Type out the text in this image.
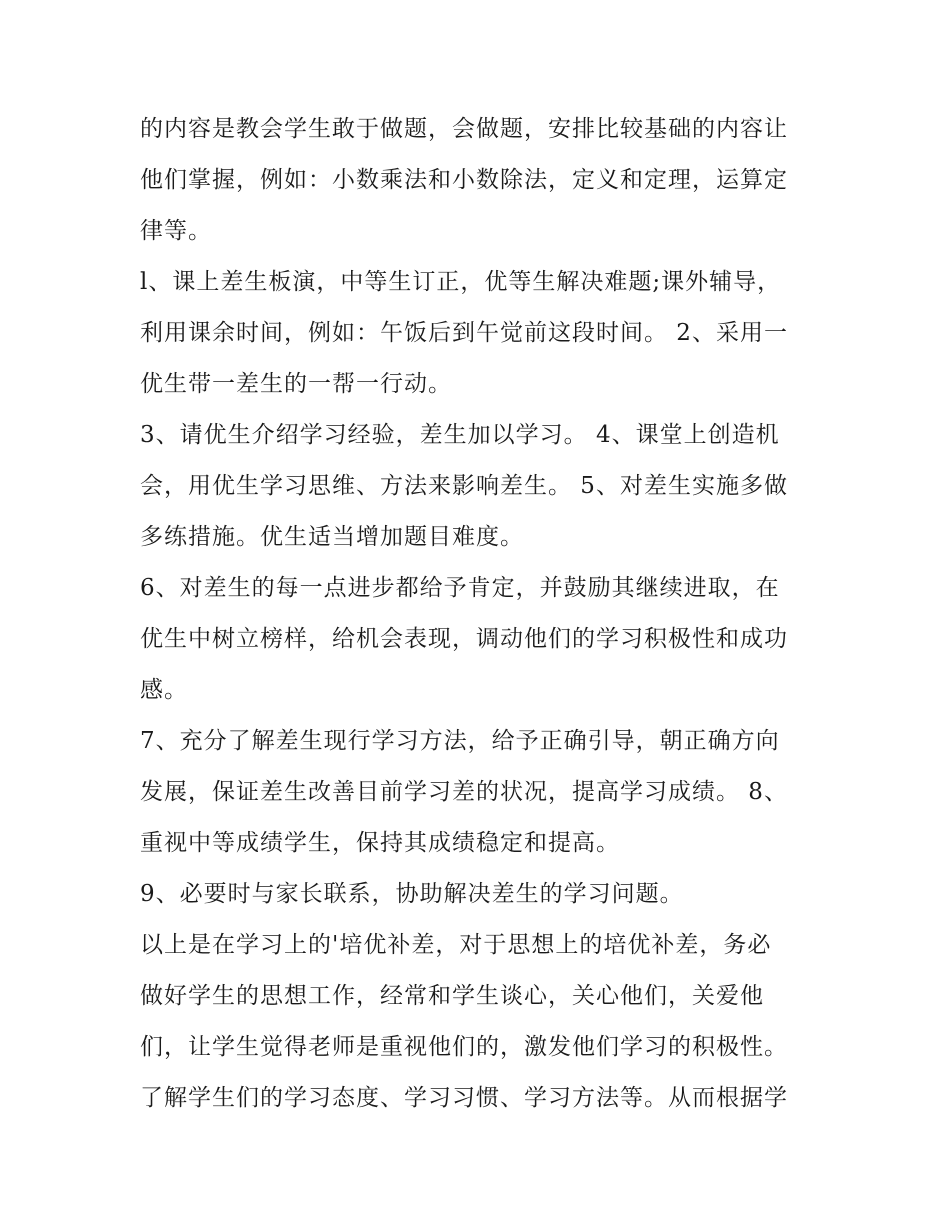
的内容是教会学生敢于做题，会做题，安排比较基础的内容让
他们掌握，例如：小数乘法和小数除法，定义和定理，运算定
律等。
l、课上差生板演，中等生订正，优等生解决难题;课外辅导，
利用课余时间，例如：午饭后到午觉前这段时间。 2、采用一
优生带一差生的一帮一行动。
3、请优生介绍学习经验，差生加以学习。 4、课堂上创造机
会，用优生学习思维、方法来影响差生。 5、对差生实施多做
多练措施。优生适当增加题目难度。
6、对差生的每一点进步都给予肯定，并鼓励其继续进取，在
优生中树立榜样，给机会表现，调动他们的学习积极性和成功
感。
7、充分了解差生现行学习方法，给予正确引导，朝正确方向
发展，保证差生改善目前学习差的状况，提高学习成绩。 8、
重视中等成绩学生，保持其成绩稳定和提高。
9、必要时与家长联系，协助解决差生的学习问题。
以上是在学习上的'培优补差，对于思想上的培优补差，务必
做好学生的思想工作，经常和学生谈心，关心他们，关爱他
们，让学生觉得老师是重视他们的，激发他们学习的积极性。
了解学生们的学习态度、学习习惯、学习方法等。从而根据学
